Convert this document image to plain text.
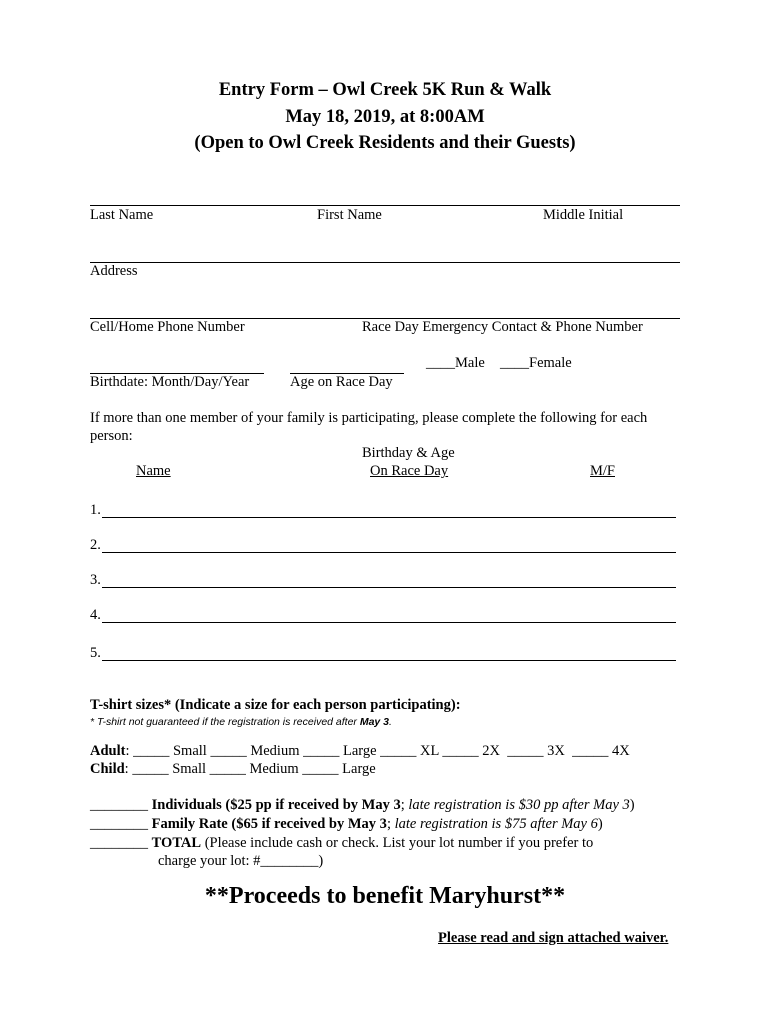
Entry Form – Owl Creek 5K Run & Walk
May 18, 2019, at 8:00AM
(Open to Owl Creek Residents and their Guests)
Last Name	First Name	Middle Initial
Address
Cell/Home Phone Number	Race Day Emergency Contact & Phone Number
____Male ____Female
Birthdate: Month/Day/Year	Age on Race Day
If more than one member of your family is participating, please complete the following for each
person:
Birthday & Age
Name	On Race Day	M/F
1.
2.
3.
4.
5.
T-shirt sizes* (Indicate a size for each person participating):
* T-shirt not guaranteed if the registration is received after May 3.
Adult: _____ Small _____ Medium _____ Large _____ XL _____ 2X  _____ 3X  _____ 4X
Child: _____ Small _____ Medium _____ Large
________ Individuals ($25 pp if received by May 3; late registration is $30 pp after May 3)
________ Family Rate ($65 if received by May 3; late registration is $75 after May 6)
________ TOTAL (Please include cash or check. List your lot number if you prefer to
charge your lot: #________)
**Proceeds to benefit Maryhurst**
Please read and sign attached waiver.
